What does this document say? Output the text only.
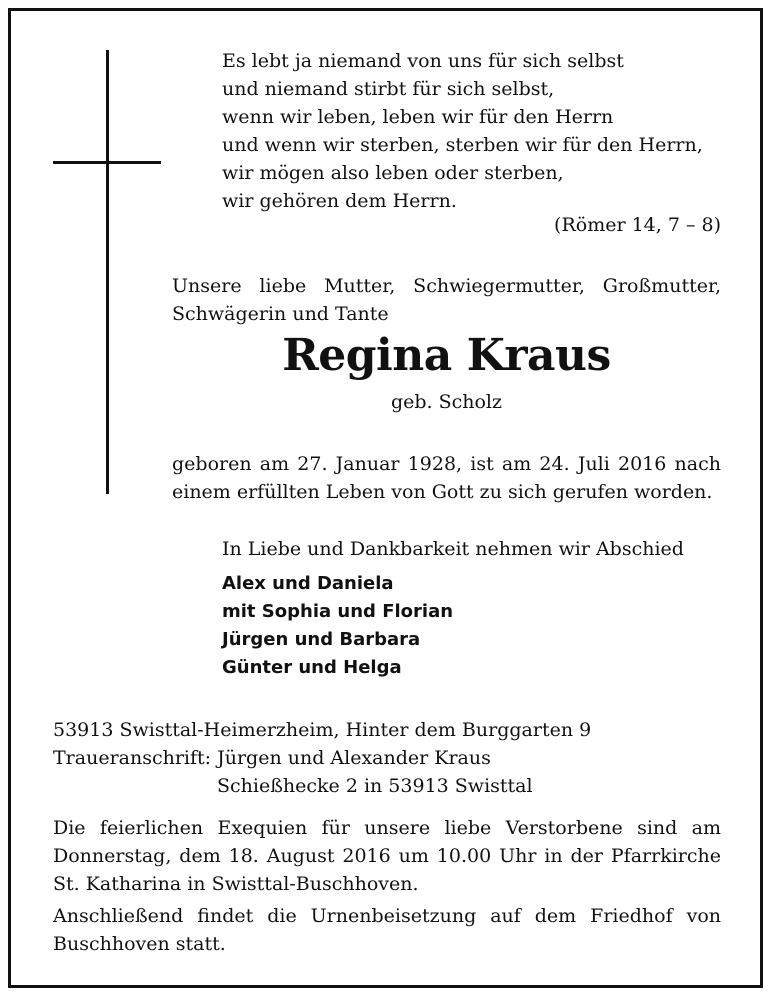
Es lebt ja niemand von uns für sich selbst
und niemand stirbt für sich selbst,
wenn wir leben, leben wir für den Herrn
und wenn wir sterben, sterben wir für den Herrn,
wir mögen also leben oder sterben,
wir gehören dem Herrn.

(Römer 14, 7 – 8)

Unsere liebe Mutter, Schwiegermutter, Großmutter, Schwägerin und Tante

Regina Kraus
geb. Scholz

geboren am 27. Januar 1928, ist am 24. Juli 2016 nach einem erfüllten Leben von Gott zu sich gerufen worden.

In Liebe und Dankbarkeit nehmen wir Abschied
Alex und Daniela
mit Sophia und Florian
Jürgen und Barbara
Günter und Helga
53913 Swisttal-Heimerzheim, Hinter dem Burggarten 9
Traueranschrift: Jürgen und Alexander Kraus
Schießhecke 2 in 53913 Swisttal

Die feierlichen Exequien für unsere liebe Verstorbene sind am Donnerstag, dem 18. August 2016 um 10.00 Uhr in der Pfarrkirche St. Katharina in Swisttal-Buschhoven.

Anschließend findet die Urnenbeisetzung auf dem Friedhof von Buschhoven statt.
